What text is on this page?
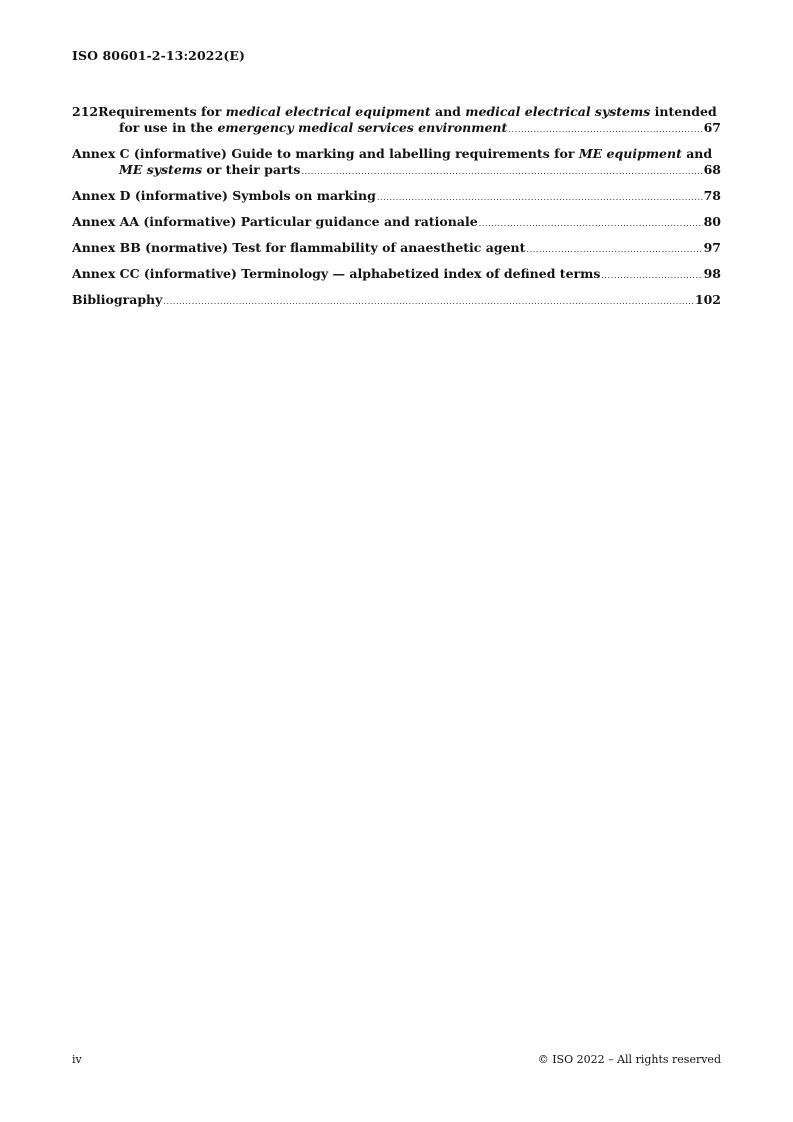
ISO 80601-2-13:2022(E)
212Requirements for medical electrical equipment and medical electrical systems intended
for use in the emergency medical services environment .....	67
Annex C (informative) Guide to marking and labelling requirements for ME equipment and
ME systems or their parts .....	68
Annex D (informative) Symbols on marking .....	78
Annex AA (informative) Particular guidance and rationale .....	80
Annex BB (normative) Test for flammability of anaesthetic agent .....	97
Annex CC (informative) Terminology — alphabetized index of defined terms .....	98
Bibliography .....	102
iv	© ISO 2022 – All rights reserved
